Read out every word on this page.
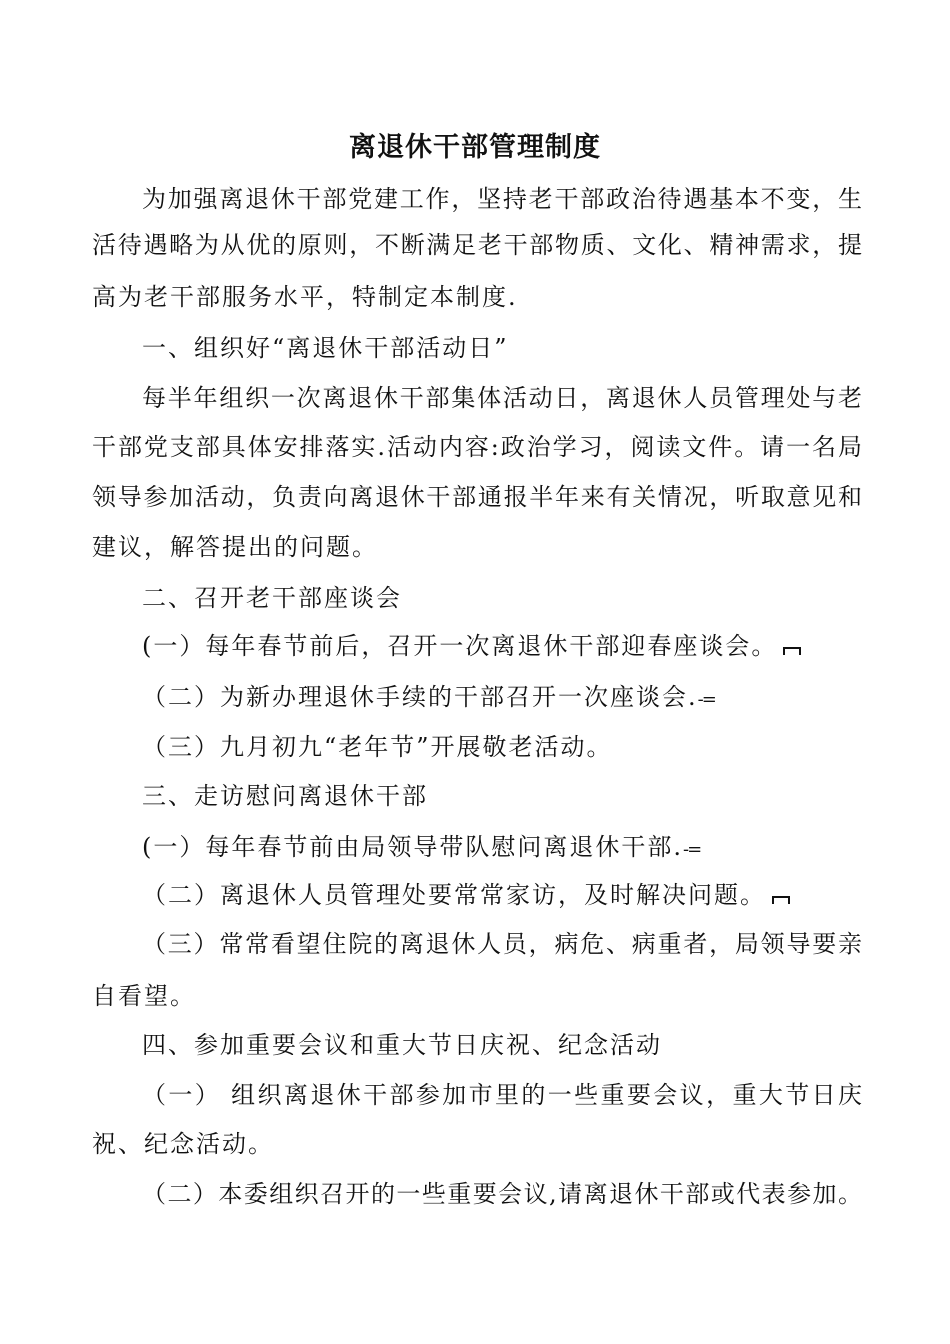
离退休干部管理制度
为加强离退休干部党建工作，坚持老干部政治待遇基本不变，生
活待遇略为从优的原则，不断满足老干部物质、文化、精神需求，提
高为老干部服务水平，特制定本制度.
一、组织好“离退休干部活动日”
每半年组织一次离退休干部集体活动日，离退休人员管理处与老
干部党支部具体安排落实.活动内容:政治学习，阅读文件。请一名局
领导参加活动，负责向离退休干部通报半年来有关情况，听取意见和
建议，解答提出的问题。
二、召开老干部座谈会
(一）每年春节前后，召开一次离退休干部迎春座谈会。
（二）为新办理退休手续的干部召开一次座谈会.-=
（三）九月初九“老年节”开展敬老活动。
三、走访慰问离退休干部
(一）每年春节前由局领导带队慰问离退休干部.-=
（二）离退休人员管理处要常常家访，及时解决问题。
（三）常常看望住院的离退休人员，病危、病重者，局领导要亲
自看望。
四、参加重要会议和重大节日庆祝、纪念活动
（一） 组织离退休干部参加市里的一些重要会议，重大节日庆
祝、纪念活动。
（二）本委组织召开的一些重要会议,请离退休干部或代表参加。
